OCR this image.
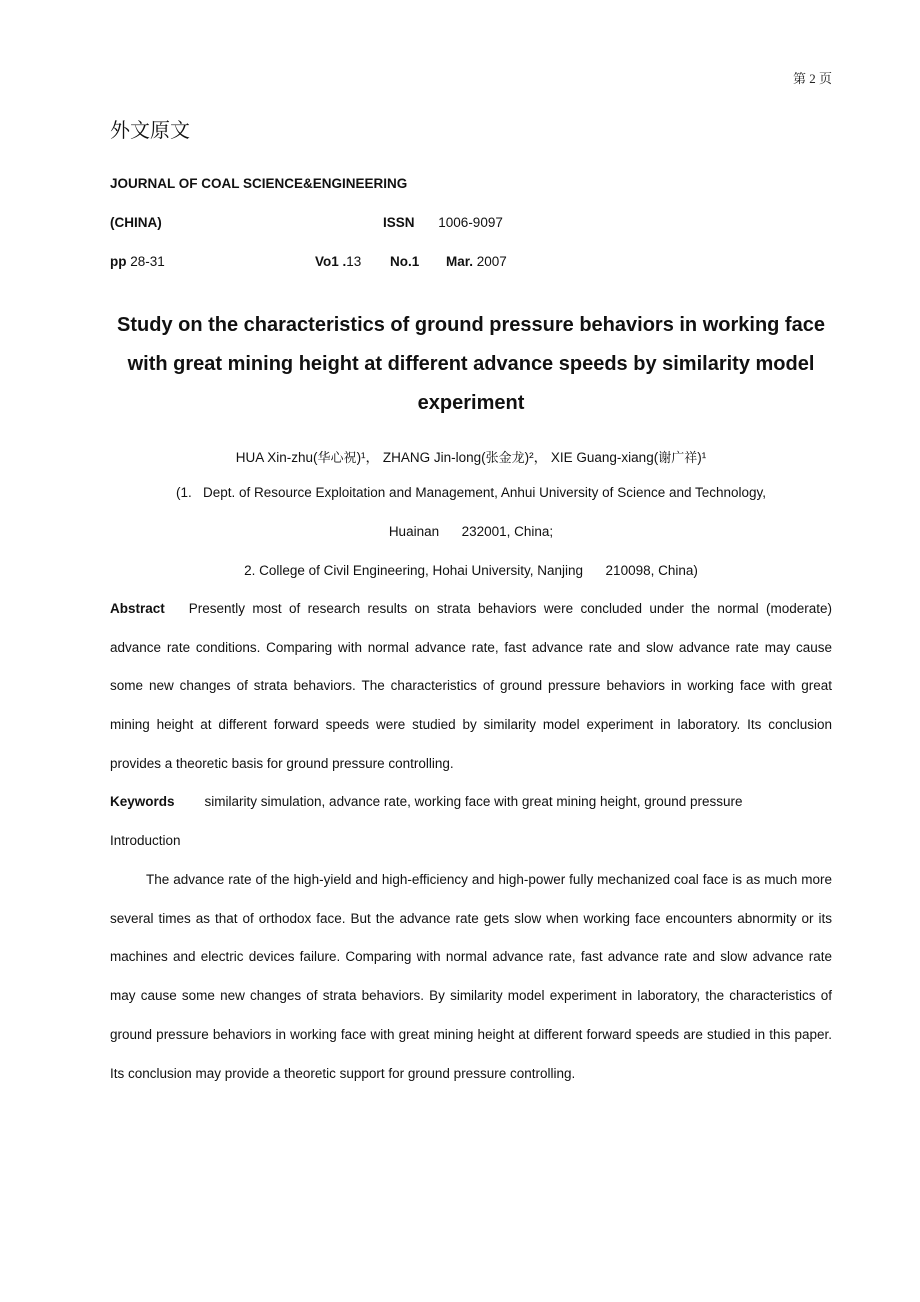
第 2 页
外文原文
JOURNAL OF COAL SCIENCE&ENGINEERING
(CHINA)	ISSN 1006-9097
pp 28-31	Vo1 .13 No.1 Mar. 2007
Study on the characteristics of ground pressure behaviors in working face with great mining height at different advance speeds by similarity model experiment
HUA Xin-zhu(华心祝)¹， ZHANG Jin-long(张金龙)²， XIE Guang-xiang(谢广祥)¹
(1.   Dept. of Resource Exploitation and Management, Anhui University of Science and Technology,
Huainan      232001, China;
2. College of Civil Engineering, Hohai University, Nanjing      210098, China)
Abstract Presently most of research results on strata behaviors were concluded under the normal (moderate) advance rate conditions. Comparing with normal advance rate, fast advance rate and slow advance rate may cause some new changes of strata behaviors. The characteristics of ground pressure behaviors in working face with great mining height at different forward speeds were studied by similarity model experiment in laboratory. Its conclusion provides a theoretic basis for ground pressure controlling.
Keywords similarity simulation, advance rate, working face with great mining height, ground pressure
Introduction
The advance rate of the high-yield and high-efficiency and high-power fully mechanized coal face is as much more several times as that of orthodox face. But the advance rate gets slow when working face encounters abnormity or its machines and electric devices failure. Comparing with normal advance rate, fast advance rate and slow advance rate may cause some new changes of strata behaviors. By similarity model experiment in laboratory, the characteristics of ground pressure behaviors in working face with great mining height at different forward speeds are studied in this paper. Its conclusion may provide a theoretic support for ground pressure controlling.
